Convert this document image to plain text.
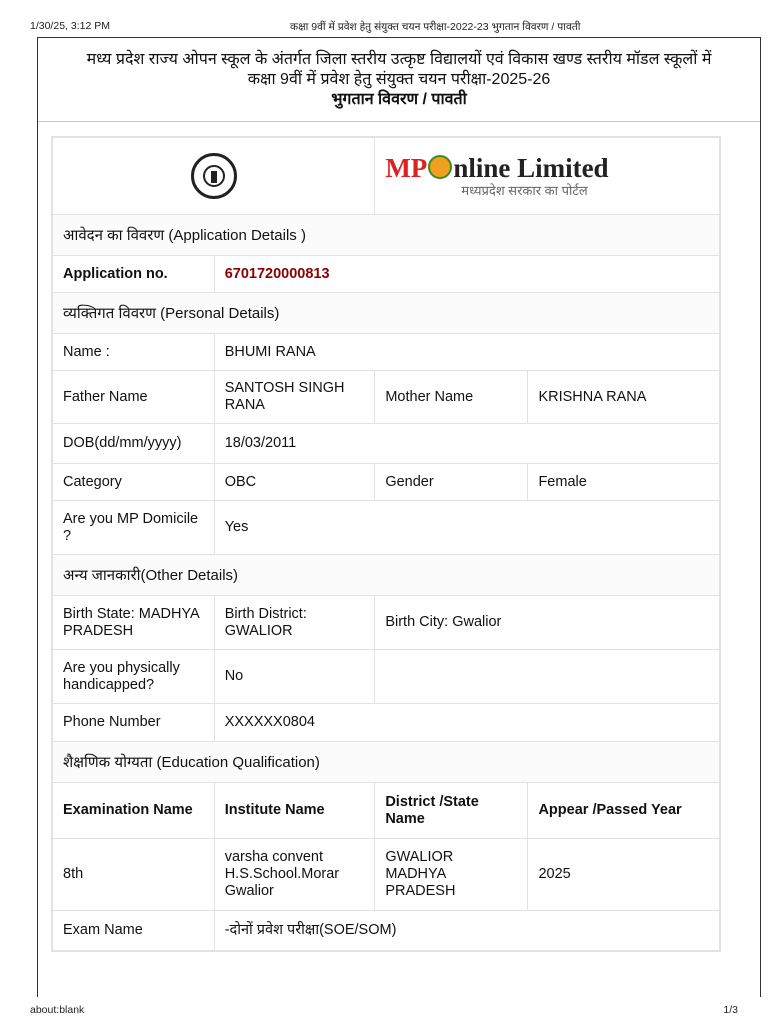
1/30/25, 3:12 PM	कक्षा 9वीं में प्रवेश हेतु संयुक्त चयन परीक्षा-2022-23 भुगतान विवरण / पावती
मध्य प्रदेश राज्य ओपन स्कूल के अंतर्गत जिला स्तरीय उत्कृष्ट विद्यालयों एवं विकास खण्ड स्तरीय मॉडल स्कूलों में
कक्षा 9वीं में प्रवेश हेतु संयुक्त चयन परीक्षा-2025-26
भुगतान विवरण / पावती

		MP nline Limited
मध्यप्रदेश सरकार का पोर्टल	

आवेदन का विवरण (Application Details )			
Application no.	6701720000813		
व्यक्तिगत विवरण (Personal Details)			
Name :	BHUMI RANA		
Father Name	SANTOSH SINGH RANA	Mother Name	KRISHNA RANA
DOB(dd/mm/yyyy)	18/03/2011		
Category	OBC	Gender	Female
Are you MP Domicile ?	Yes		
अन्य जानकारी(Other Details)			
Birth State: MADHYA PRADESH	Birth District: GWALIOR	Birth City: Gwalior	
Are you physically handicapped?	No		
Phone Number	XXXXXX0804		
शैक्षणिक योग्यता (Education Qualification)			
Examination Name	Institute Name	District /State Name	Appear /Passed Year
8th	varsha convent H.S.School.Morar Gwalior	GWALIOR MADHYA PRADESH	2025
Exam Name	-दोनों प्रवेश परीक्षा(SOE/SOM)		
about:blank	1/3
